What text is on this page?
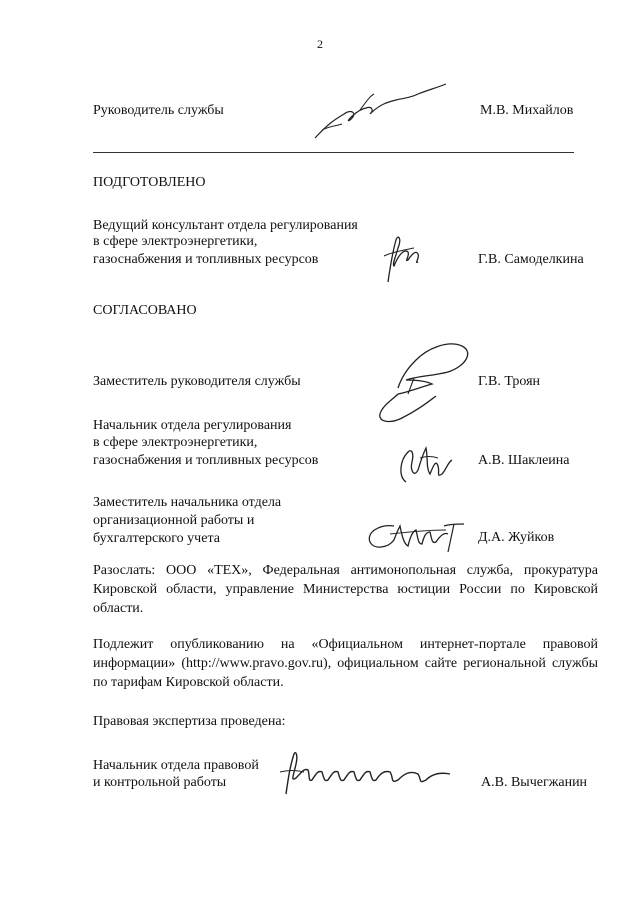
2
Руководитель службы	М.В. Михайлов
ПОДГОТОВЛЕНО
Ведущий консультант отдела регулирования
в сфере электроэнергетики,
газоснабжения и топливных ресурсов	Г.В. Самоделкина
СОГЛАСОВАНО
Заместитель руководителя службы	Г.В. Троян
Начальник отдела регулирования
в сфере электроэнергетики,
газоснабжения и топливных ресурсов	А.В. Шаклеина
Заместитель начальника отдела
организационной работы и
бухгалтерского учета	Д.А. Жуйков
Разослать: ООО «ТЕХ», Федеральная антимонопольная служба, прокуратура Кировской области, управление Министерства юстиции России по Кировской области.
Подлежит опубликованию на «Официальном интернет-портале правовой информации» (http://www.pravo.gov.ru), официальном сайте региональной службы по тарифам Кировской области.
Правовая экспертиза проведена:
Начальник отдела правовой
и контрольной работы	А.В. Вычегжанин
